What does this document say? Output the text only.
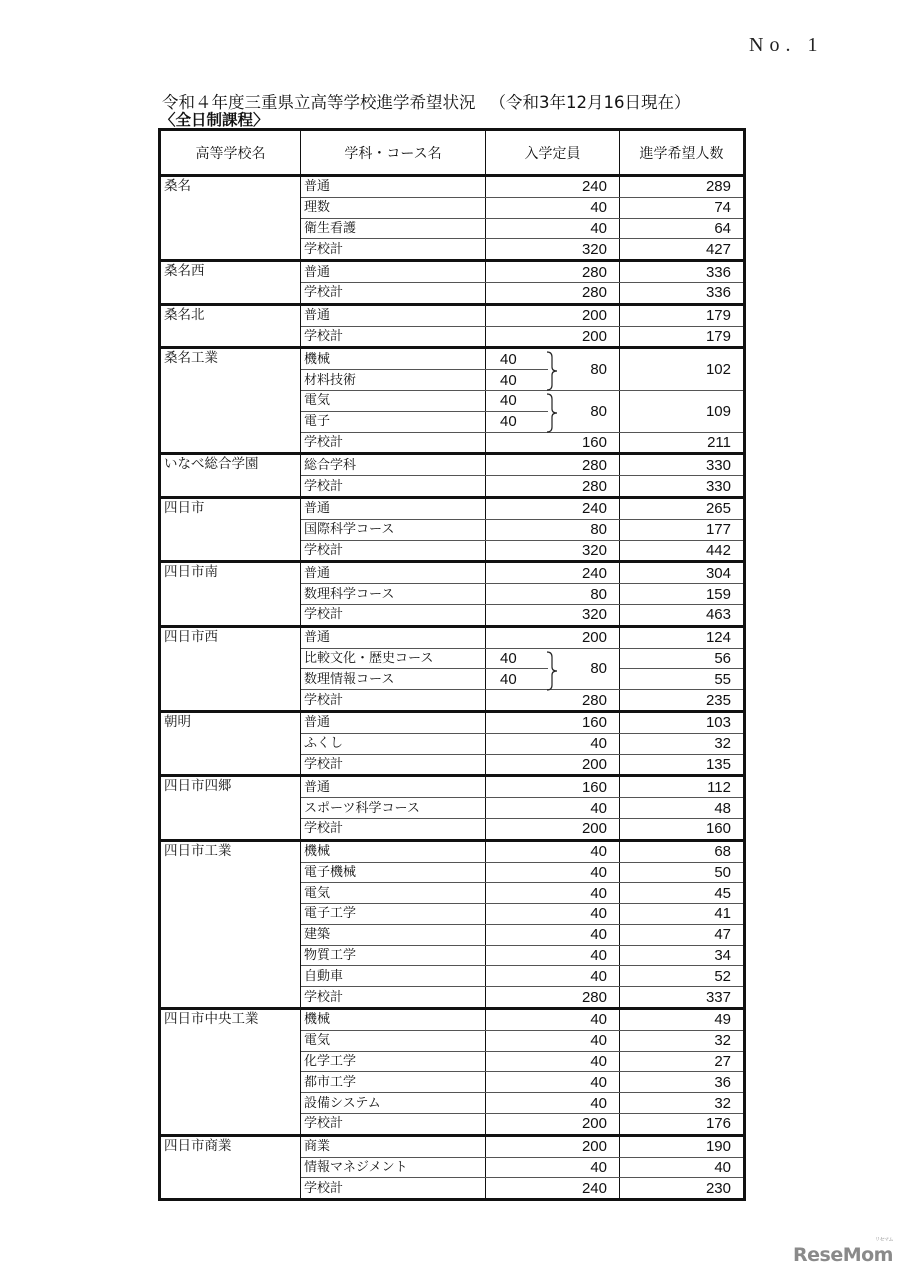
No. 1
令和４年度三重県立高等学校進学希望状況 （令和3年12月16日現在）
〈全日制課程〉
高等学校名	学科・コース名	入学定員		進学希望人数
桑名	普通	240		289
	理数	40		74
	衛生看護	40		64
	学校計	320		427
桑名西	普通	280		336
	学校計	280		336
桑名北	普通	200		179
	学校計	200		179
桑名工業	機械	40	80	102
	材料技術	40		
	電気	40	80	109
	電子	40		
	学校計	160		211
いなべ総合学園	総合学科	280		330
	学校計	280		330
四日市	普通	240		265
	国際科学コース	80		177
	学校計	320		442
四日市南	普通	240		304
	数理科学コース	80		159
	学校計	320		463
四日市西	普通	200		124
	比較文化・歴史コース	40	80	56
	数理情報コース	40		55
	学校計	280		235
朝明	普通	160		103
	ふくし	40		32
	学校計	200		135
四日市四郷	普通	160		112
	スポーツ科学コース	40		48
	学校計	200		160
四日市工業	機械	40		68
	電子機械	40		50
	電気	40		45
	電子工学	40		41
	建築	40		47
	物質工学	40		34
	自動車	40		52
	学校計	280		337
四日市中央工業	機械	40		49
	電気	40		32
	化学工学	40		27
	都市工学	40		36
	設備システム	40		32
	学校計	200		176
四日市商業	商業	200		190
	情報マネジメント	40		40
	学校計	240		230
ReseMom
リセマム
